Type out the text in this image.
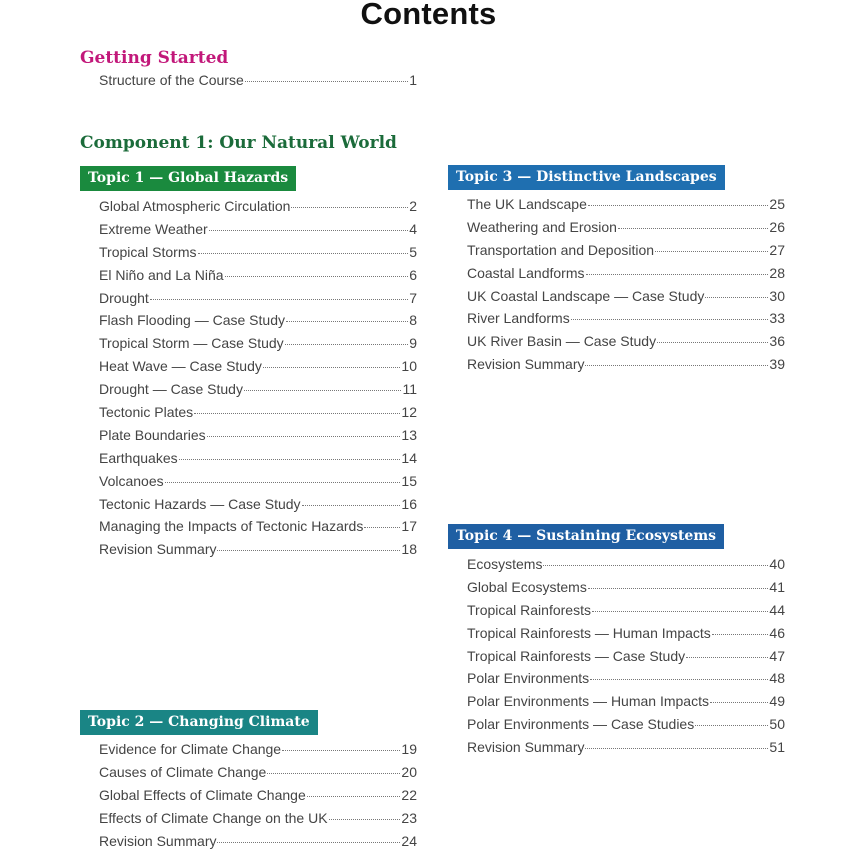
Contents
Getting Started
Structure of the Course	1
Component 1: Our Natural World
Topic 1 — Global Hazards
Global Atmospheric Circulation	2
Extreme Weather	4
Tropical Storms	5
El Niño and La Niña	6
Drought	7
Flash Flooding — Case Study	8
Tropical Storm — Case Study	9
Heat Wave — Case Study	10
Drought — Case Study	11
Tectonic Plates	12
Plate Boundaries	13
Earthquakes	14
Volcanoes	15
Tectonic Hazards — Case Study	16
Managing the Impacts of Tectonic Hazards	17
Revision Summary	18
Topic 2 — Changing Climate
Evidence for Climate Change	19
Causes of Climate Change	20
Global Effects of Climate Change	22
Effects of Climate Change on the UK	23
Revision Summary	24
Topic 3 — Distinctive Landscapes
The UK Landscape	25
Weathering and Erosion	26
Transportation and Deposition	27
Coastal Landforms	28
UK Coastal Landscape — Case Study	30
River Landforms	33
UK River Basin — Case Study	36
Revision Summary	39
Topic 4 — Sustaining Ecosystems
Ecosystems	40
Global Ecosystems	41
Tropical Rainforests	44
Tropical Rainforests — Human Impacts	46
Tropical Rainforests — Case Study	47
Polar Environments	48
Polar Environments — Human Impacts	49
Polar Environments — Case Studies	50
Revision Summary	51
